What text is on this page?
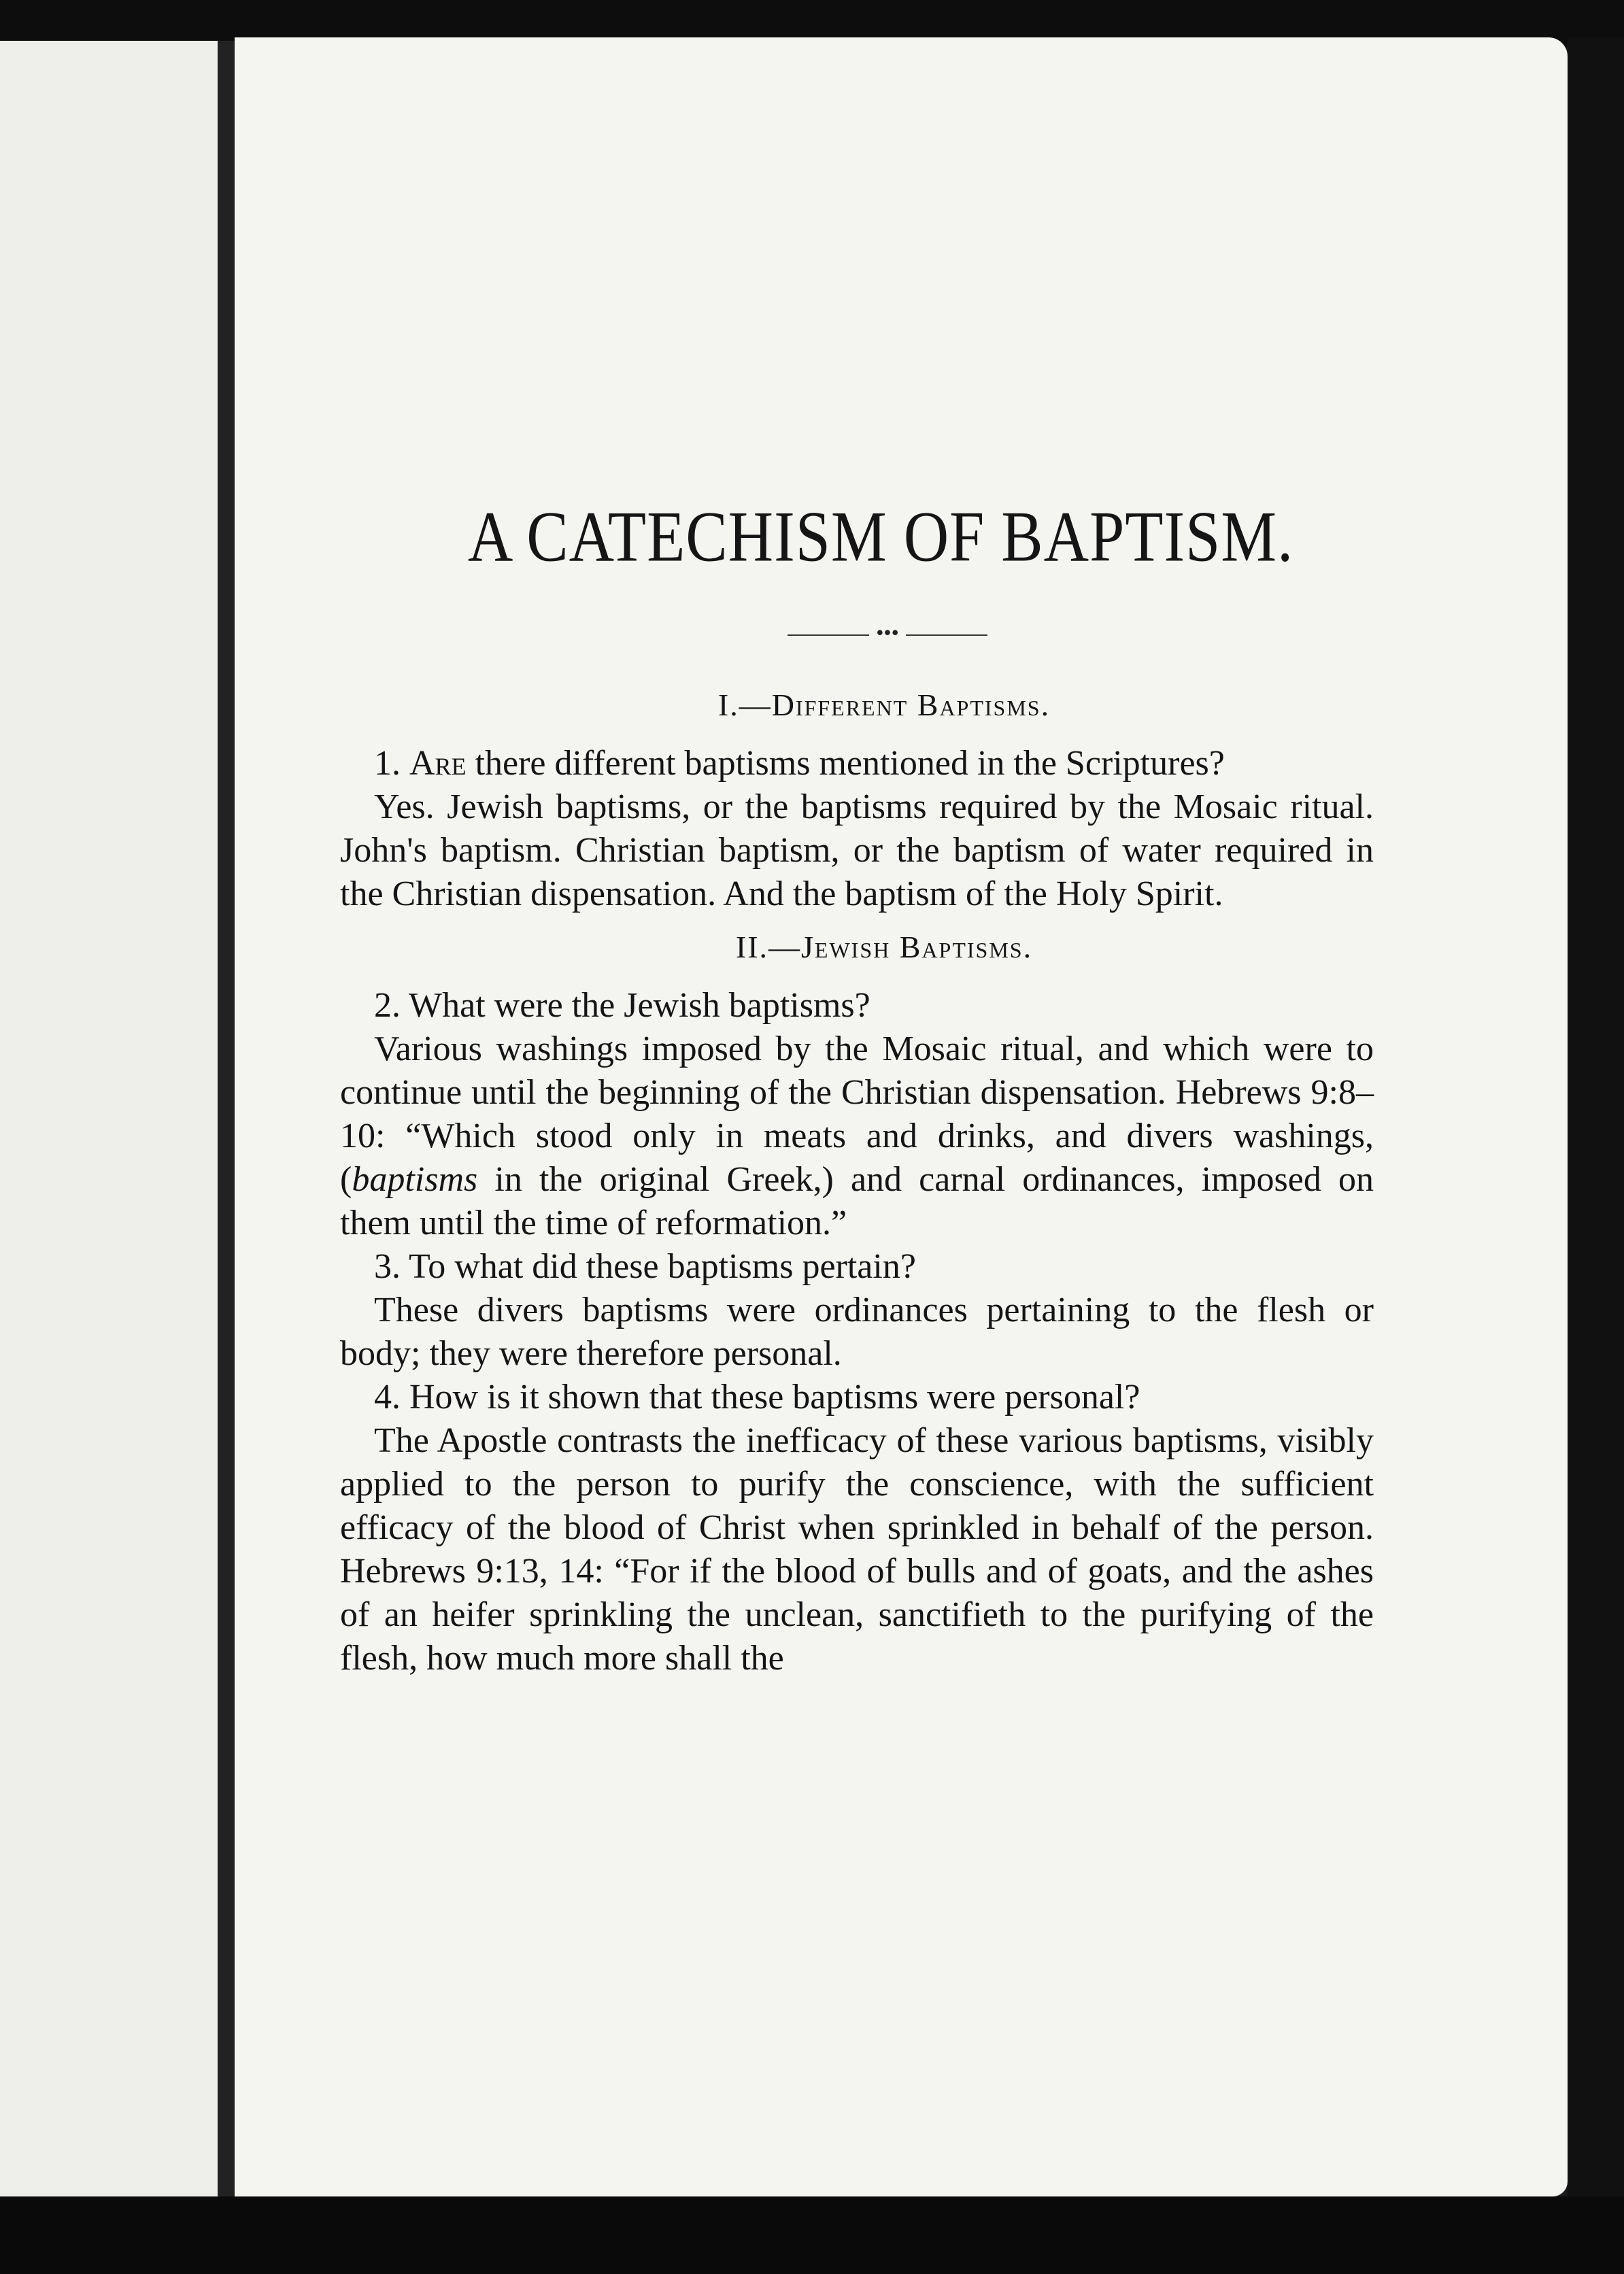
A CATECHISM OF BAPTISM.
•••
I.—Different Baptisms.

1. Are there different baptisms mentioned in the Scriptures?

Yes. Jewish baptisms, or the baptisms required by the Mosaic ritual. John's baptism. Christian baptism, or the baptism of water required in the Christian dispensation. And the baptism of the Holy Spirit.

II.—Jewish Baptisms.

2. What were the Jewish baptisms?

Various washings imposed by the Mosaic ritual, and which were to continue until the beginning of the Christian dispensation. Hebrews 9:8–10: “Which stood only in meats and drinks, and divers washings, (baptisms in the original Greek,) and carnal ordinances, imposed on them until the time of reformation.”

3. To what did these baptisms pertain?

These divers baptisms were ordinances pertaining to the flesh or body; they were therefore personal.

4. How is it shown that these baptisms were personal?

The Apostle contrasts the inefficacy of these various baptisms, visibly applied to the person to purify the conscience, with the sufficient efficacy of the blood of Christ when sprinkled in behalf of the person. Hebrews 9:13, 14: “For if the blood of bulls and of goats, and the ashes of an heifer sprinkling the unclean, sanctifieth to the purifying of the flesh, how much more shall the
